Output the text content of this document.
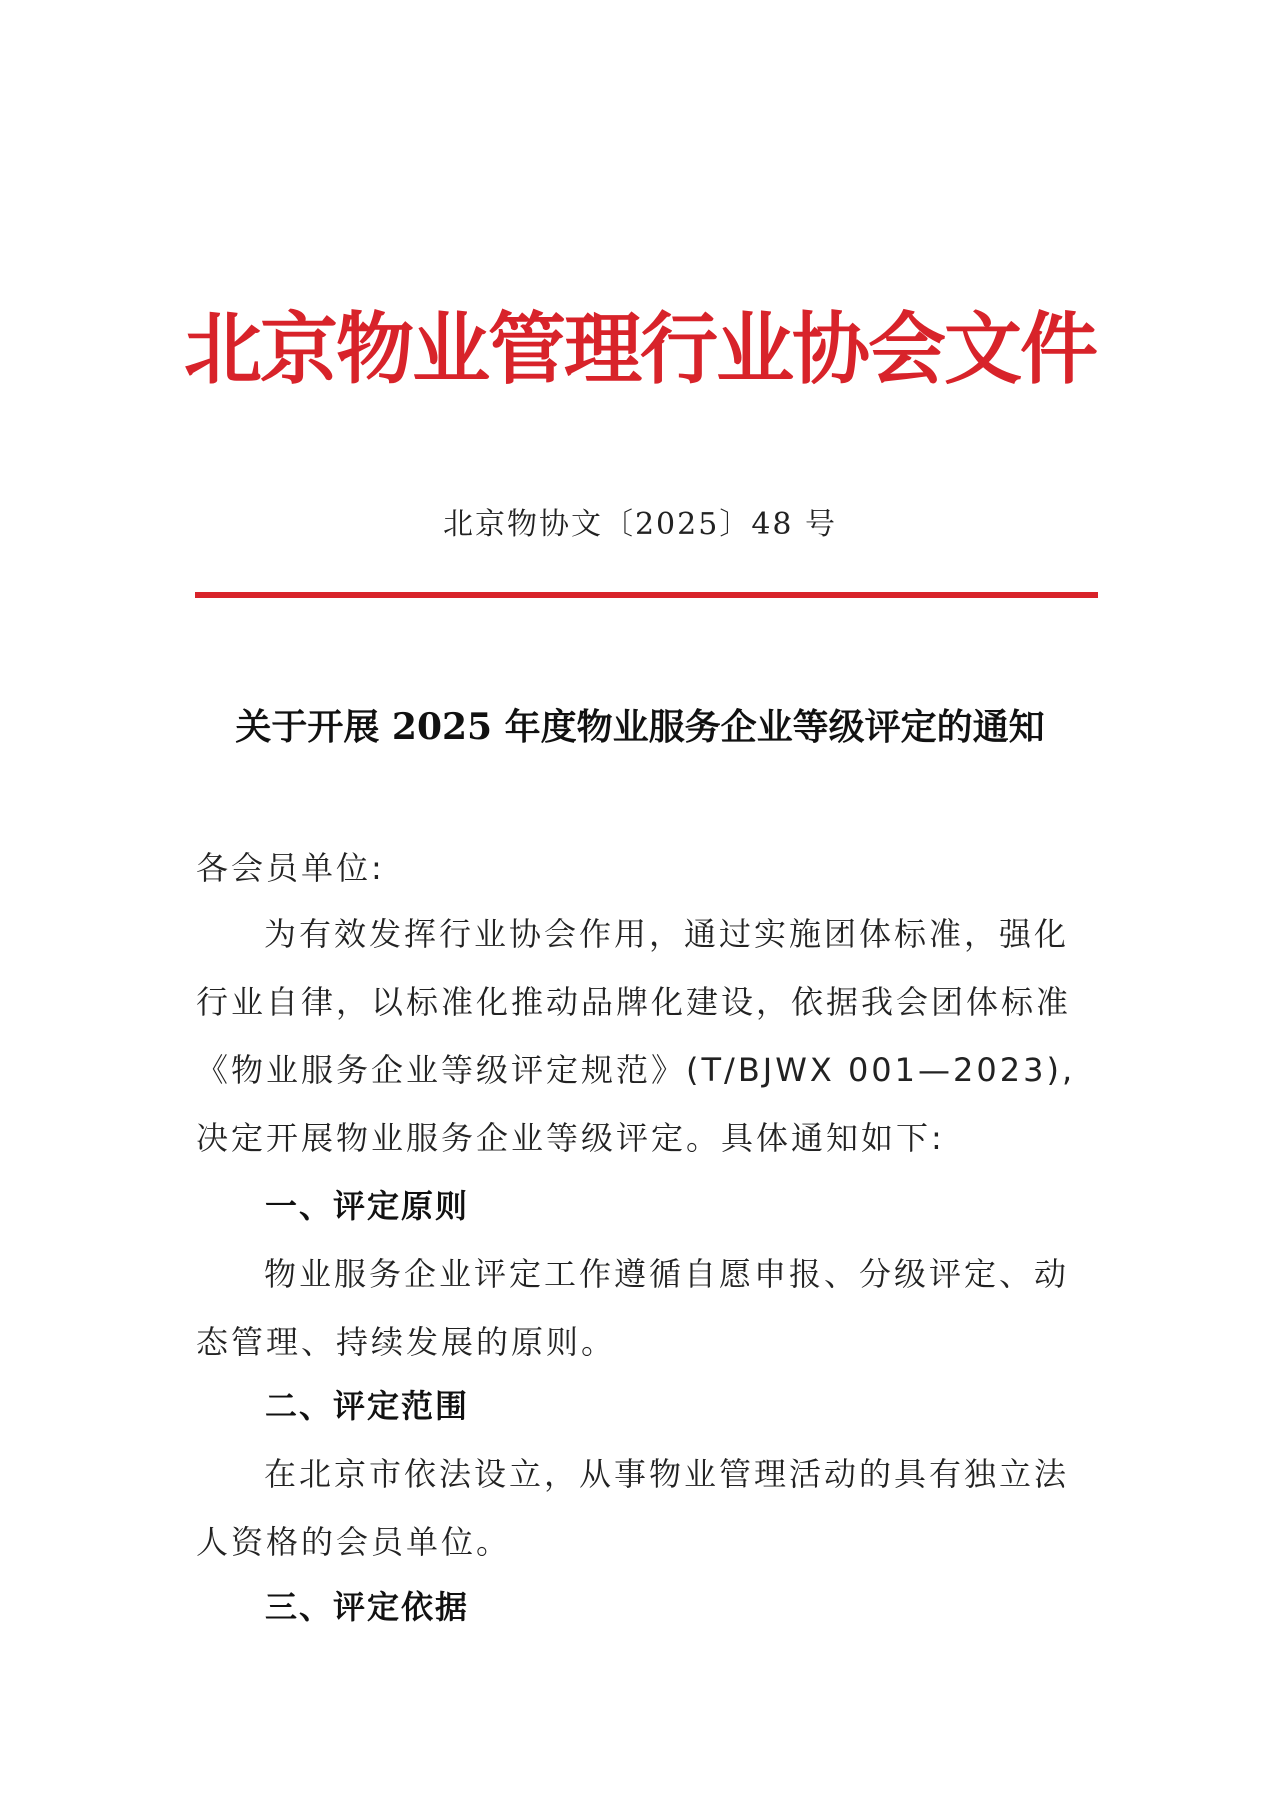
北京物业管理行业协会文件
北京物协文〔2025〕48 号
关于开展 2025 年度物业服务企业等级评定的通知

各会员单位:

为有效发挥行业协会作用，通过实施团体标准，强化行业自律，以标准化推动品牌化建设，依据我会团体标准《物业服务企业等级评定规范》(T/BJWX 001—2023),决定开展物业服务企业等级评定。具体通知如下:

一、评定原则

物业服务企业评定工作遵循自愿申报、分级评定、动态管理、持续发展的原则。

二、评定范围

在北京市依法设立，从事物业管理活动的具有独立法人资格的会员单位。

三、评定依据
